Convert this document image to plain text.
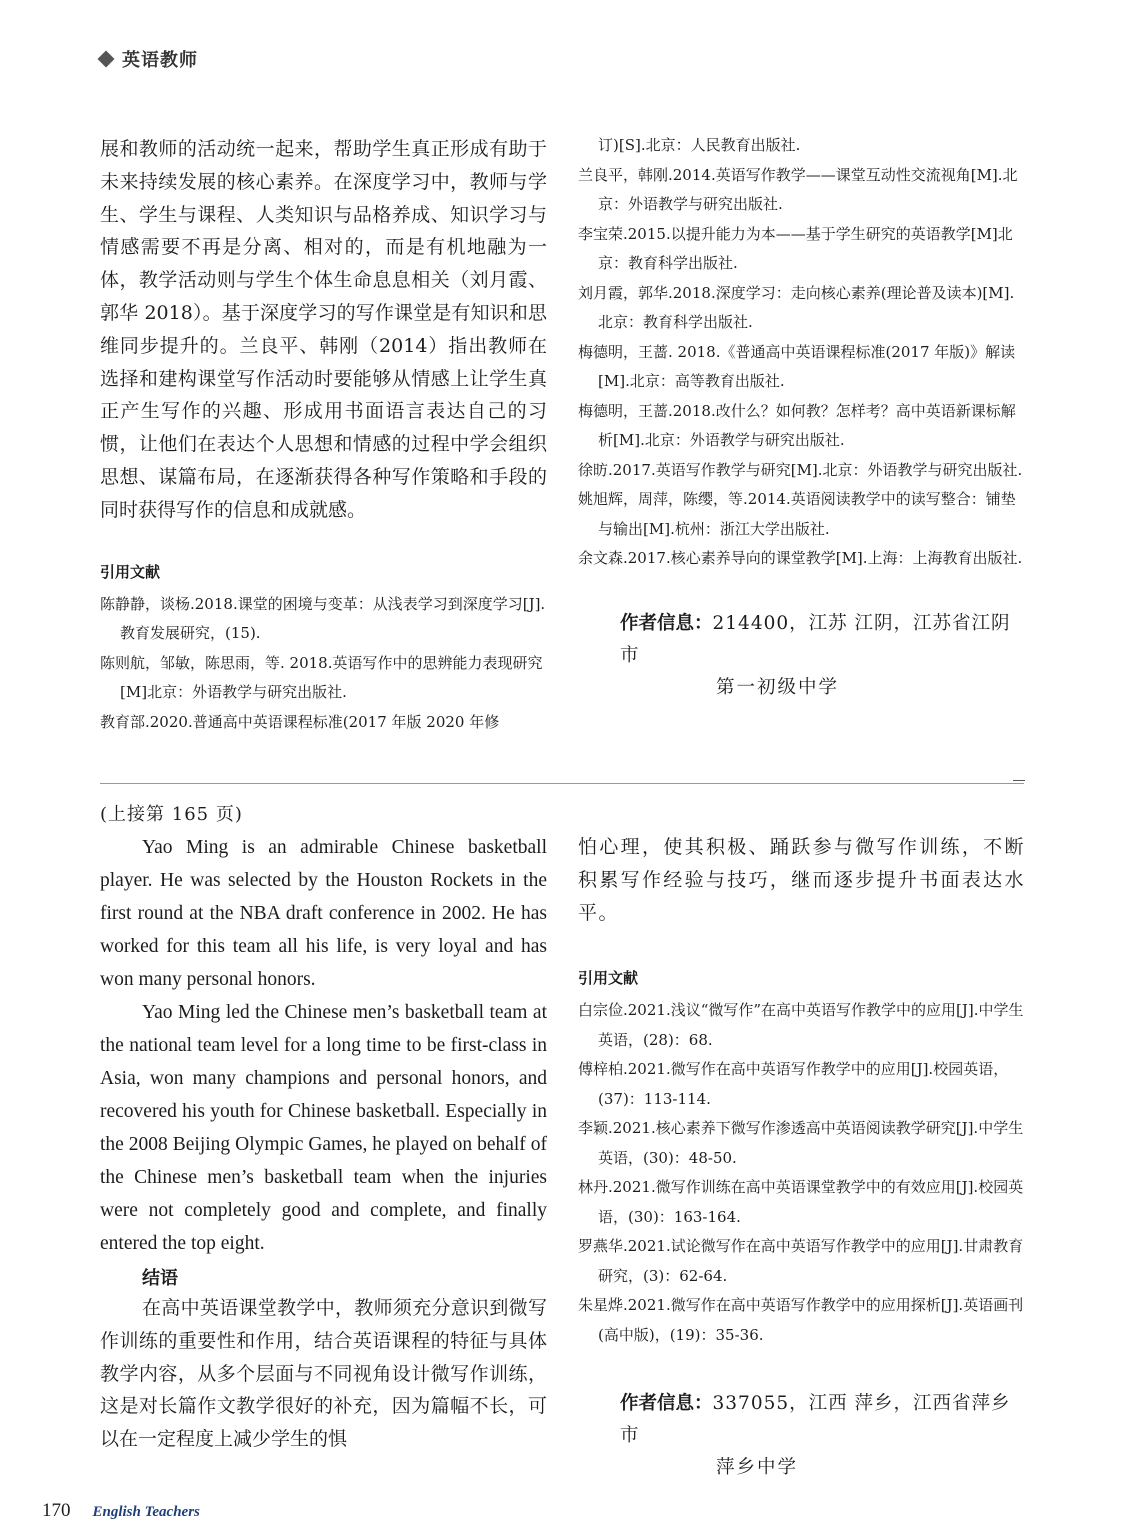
英语教师

展和教师的活动统一起来，帮助学生真正形成有助于未来持续发展的核心素养。在深度学习中，教师与学生、学生与课程、人类知识与品格养成、知识学习与情感需要不再是分离、相对的，而是有机地融为一体，教学活动则与学生个体生命息息相关（刘月霞、郭华 2018）。基于深度学习的写作课堂是有知识和思维同步提升的。兰良平、韩刚（2014）指出教师在选择和建构课堂写作活动时要能够从情感上让学生真正产生写作的兴趣、形成用书面语言表达自己的习惯，让他们在表达个人思想和情感的过程中学会组织思想、谋篇布局，在逐渐获得各种写作策略和手段的同时获得写作的信息和成就感。

引用文献

陈静静，谈杨.2018.课堂的困境与变革：从浅表学习到深度学习[J].教育发展研究，(15).

陈则航，邹敏，陈思雨，等. 2018.英语写作中的思辨能力表现研究[M]北京：外语教学与研究出版社.

教育部.2020.普通高中英语课程标准(2017 年版 2020 年修

订)[S].北京：人民教育出版社.

兰良平，韩刚.2014.英语写作教学——课堂互动性交流视角[M].北京：外语教学与研究出版社.

李宝荣.2015.以提升能力为本——基于学生研究的英语教学[M]北京：教育科学出版社.

刘月霞，郭华.2018.深度学习：走向核心素养(理论普及读本)[M].北京：教育科学出版社.

梅德明，王蔷. 2018.《普通高中英语课程标准(2017 年版)》解读[M].北京：高等教育出版社.

梅德明，王蔷.2018.改什么？如何教？怎样考？高中英语新课标解析[M].北京：外语教学与研究出版社.

徐昉.2017.英语写作教学与研究[M].北京：外语教学与研究出版社.

姚旭辉，周萍，陈缨，等.2014.英语阅读教学中的读写整合：铺垫与输出[M].杭州：浙江大学出版社.

余文森.2017.核心素养导向的课堂教学[M].上海：上海教育出版社.

作者信息：214400，江苏 江阴，江苏省江阴市
第一初级中学
(上接第 165 页)

Yao Ming is an admirable Chinese basketball player. He was selected by the Houston Rockets in the first round at the NBA draft conference in 2002. He has worked for this team all his life, is very loyal and has won many personal honors.

Yao Ming led the Chinese men’s basketball team at the national team level for a long time to be first-class in Asia, won many champions and personal honors, and recovered his youth for Chinese basketball. Especially in the 2008 Beijing Olympic Games, he played on behalf of the Chinese men’s basketball team when the injuries were not completely good and complete, and finally entered the top eight.

结语

在高中英语课堂教学中，教师须充分意识到微写作训练的重要性和作用，结合英语课程的特征与具体教学内容，从多个层面与不同视角设计微写作训练，这是对长篇作文教学很好的补充，因为篇幅不长，可以在一定程度上减少学生的惧

怕心理，使其积极、踊跃参与微写作训练，不断积累写作经验与技巧，继而逐步提升书面表达水平。

引用文献

白宗俭.2021.浅议“微写作”在高中英语写作教学中的应用[J].中学生英语，(28)：68.

傅梓柏.2021.微写作在高中英语写作教学中的应用[J].校园英语，(37)：113-114.

李颖.2021.核心素养下微写作渗透高中英语阅读教学研究[J].中学生英语，(30)：48-50.

林丹.2021.微写作训练在高中英语课堂教学中的有效应用[J].校园英语，(30)：163-164.

罗燕华.2021.试论微写作在高中英语写作教学中的应用[J].甘肃教育研究，(3)：62-64.

朱星烨.2021.微写作在高中英语写作教学中的应用探析[J].英语画刊(高中版)，(19)：35-36.

作者信息：337055，江西 萍乡，江西省萍乡市
萍乡中学
170 English Teachers
